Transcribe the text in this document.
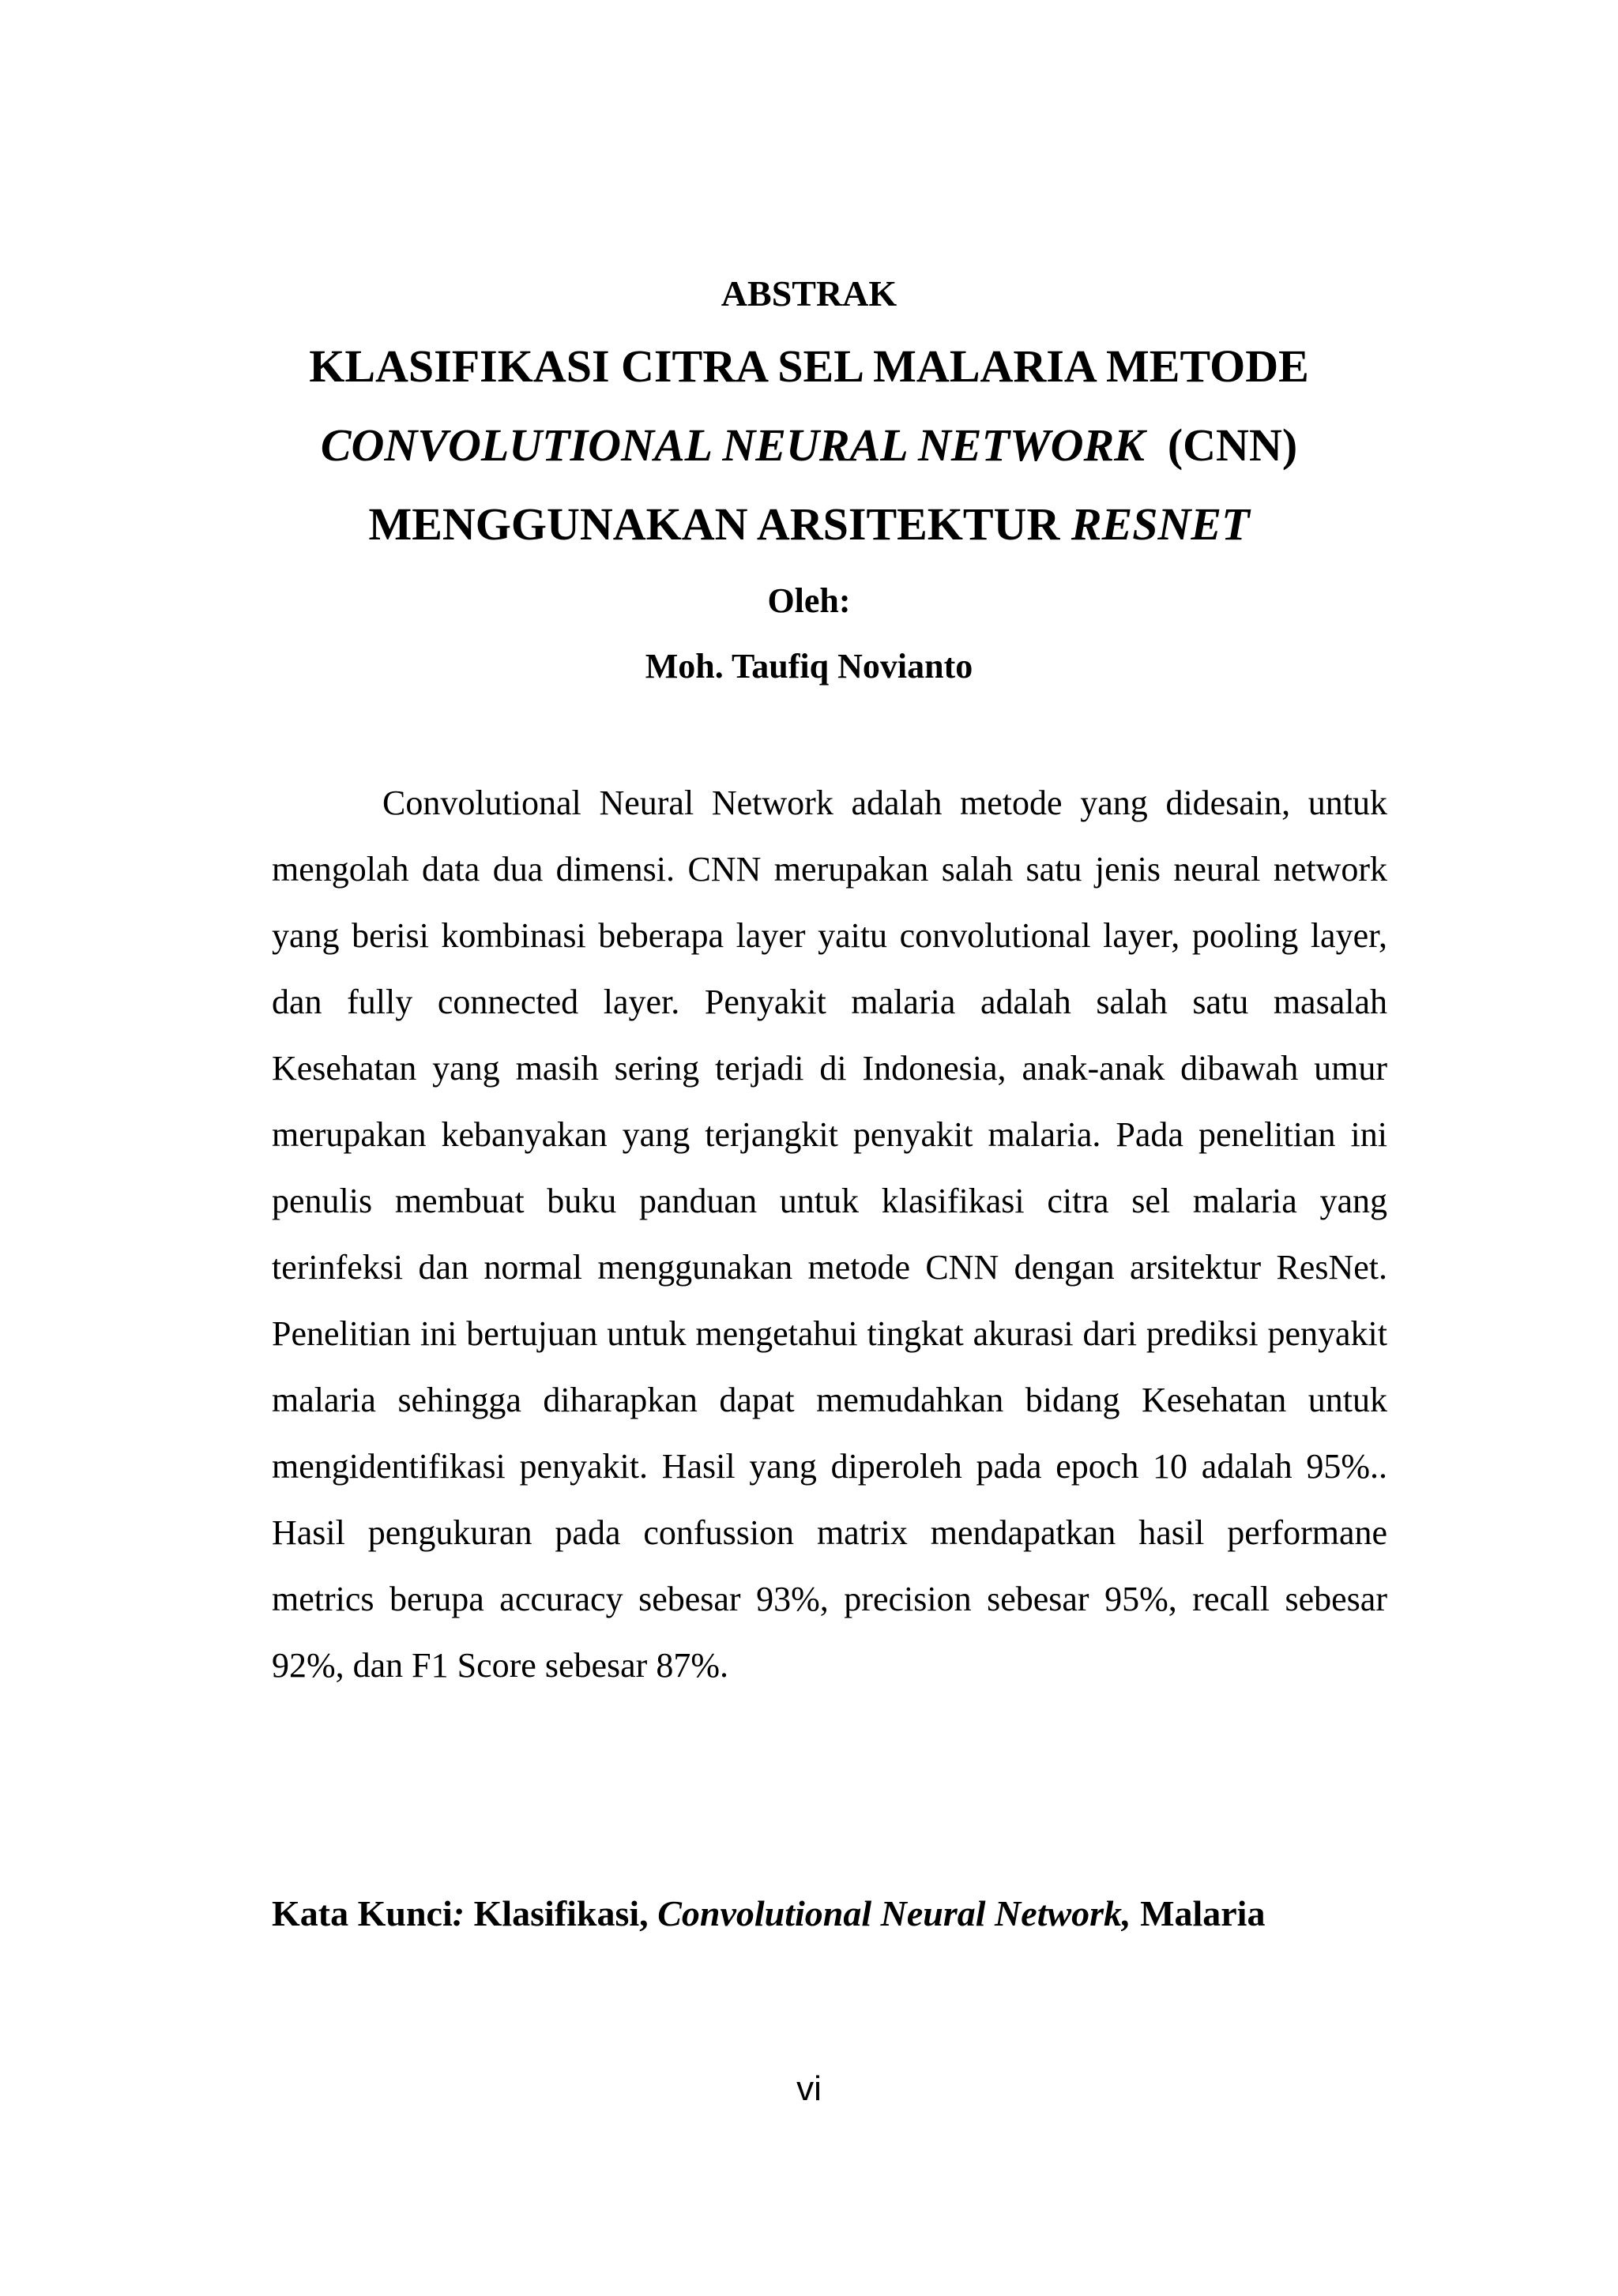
ABSTRAK
KLASIFIKASI CITRA SEL MALARIA METODE
CONVOLUTIONAL NEURAL NETWORK (CNN)
MENGGUNAKAN ARSITEKTUR RESNET
Oleh:
Moh. Taufiq Novianto

Convolutional Neural Network adalah metode yang didesain, untuk mengolah data dua dimensi. CNN merupakan salah satu jenis neural network yang berisi kombinasi beberapa layer yaitu convolutional layer, pooling layer, dan fully connected layer. Penyakit malaria adalah salah satu masalah Kesehatan yang masih sering terjadi di Indonesia, anak-anak dibawah umur merupakan kebanyakan yang terjangkit penyakit malaria. Pada penelitian ini penulis membuat buku panduan untuk klasifikasi citra sel malaria yang terinfeksi dan normal menggunakan metode CNN dengan arsitektur ResNet. Penelitian ini bertujuan untuk mengetahui tingkat akurasi dari prediksi penyakit malaria sehingga diharapkan dapat memudahkan bidang Kesehatan untuk mengidentifikasi penyakit. Hasil yang diperoleh pada epoch 10 adalah 95%.. Hasil pengukuran pada confussion matrix mendapatkan hasil performane metrics berupa accuracy sebesar 93%, precision sebesar 95%, recall sebesar 92%, dan F1 Score sebesar 87%.

Kata Kunci: Klasifikasi, Convolutional Neural Network, Malaria
vi
